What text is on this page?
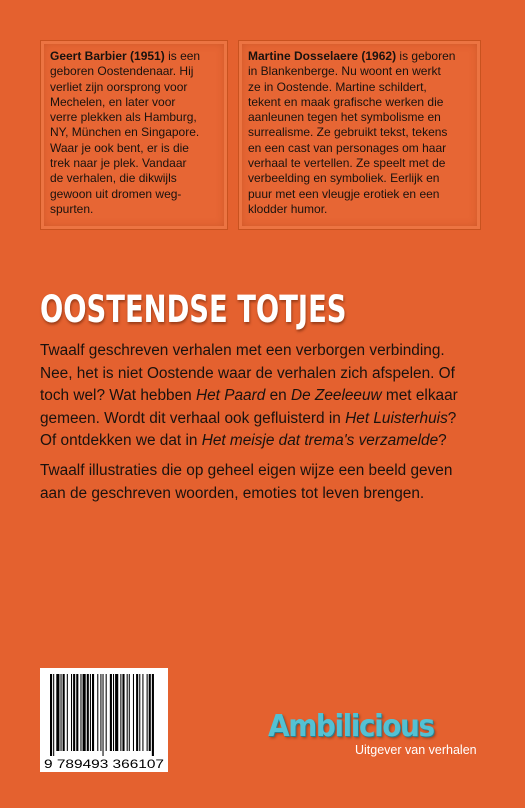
Geert Barbier (1951) is een
geboren Oostendenaar. Hij
verliet zijn oorsprong voor
Mechelen, en later voor
verre plekken als Hamburg,
NY, München en Singapore.
Waar je ook bent, er is die
trek naar je plek. Vandaar
de verhalen, die dikwijls
gewoon uit dromen weg-
spurten.
Martine Dosselaere (1962) is geboren
in Blankenberge. Nu woont en werkt
ze in Oostende. Martine schildert,
tekent en maak grafische werken die
aanleunen tegen het symbolisme en
surrealisme. Ze gebruikt tekst, tekens
en een cast van personages om haar
verhaal te vertellen. Ze speelt met de
verbeelding en symboliek. Eerlijk en
puur met een vleugje erotiek en een
klodder humor.
OOSTENDSE TOTJES
Twaalf geschreven verhalen met een verborgen verbinding.
Nee, het is niet Oostende waar de verhalen zich afspelen. Of
toch wel? Wat hebben Het Paard en De Zeeleeuw met elkaar
gemeen. Wordt dit verhaal ook gefluisterd in Het Luisterhuis?
Of ontdekken we dat in Het meisje dat trema's verzamelde?
Twaalf illustraties die op geheel eigen wijze een beeld geven
aan de geschreven woorden, emoties tot leven brengen.
9 789493 366107
Ambilicious
Uitgever van verhalen
